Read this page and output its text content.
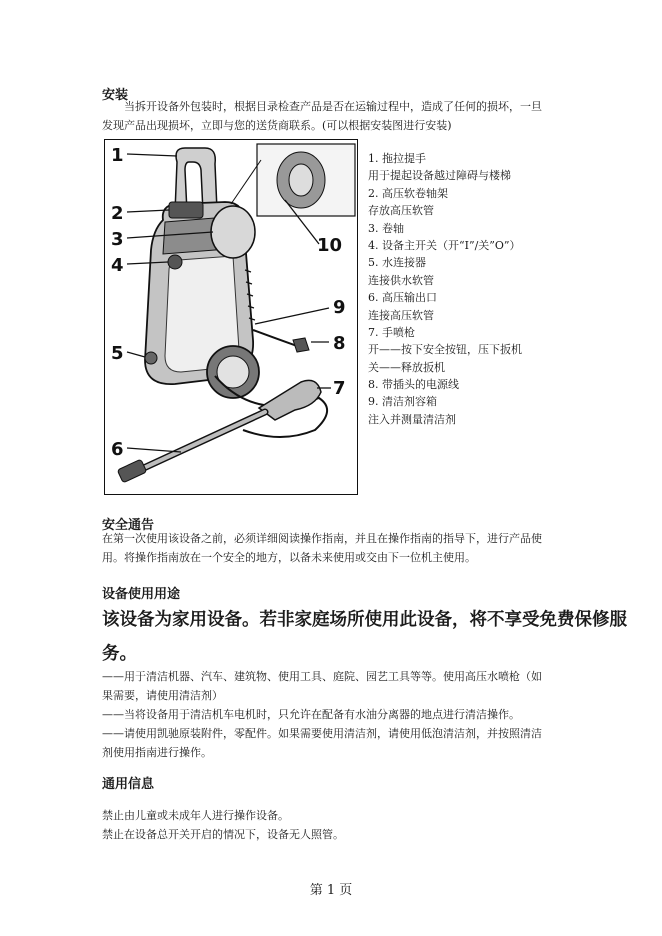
安装
当拆开设备外包装时，根据目录检查产品是否在运输过程中，造成了任何的损坏，一旦
发现产品出现损坏，立即与您的送货商联系。(可以根据安装图进行安装)
1
2
3
4
5
6
7
8
9
10
1. 拖拉提手
用于提起设备越过障碍与楼梯
2. 高压软卷轴架
存放高压软管
3. 卷轴
4. 设备主开关（开“I”/关”O”）
5. 水连接器
连接供水软管
6. 高压输出口
连接高压软管
7. 手喷枪
开——按下安全按钮，压下扳机
关——释放扳机
8. 带插头的电源线
9. 清洁剂容箱
注入并测量清洁剂
安全通告
在第一次使用该设备之前，必须详细阅读操作指南，并且在操作指南的指导下，进行产品使
用。将操作指南放在一个安全的地方，以备未来使用或交由下一位机主使用。
设备使用用途
该设备为家用设备。若非家庭场所使用此设备，将不享受免费保修服
务。
——用于清洁机器、汽车、建筑物、使用工具、庭院、园艺工具等等。使用高压水喷枪（如
果需要，请使用清洁剂）
——当将设备用于清洁机车电机时，只允许在配备有水油分离器的地点进行清洁操作。
——请使用凯驰原装附件，零配件。如果需要使用清洁剂，请使用低泡清洁剂，并按照清洁
剂使用指南进行操作。
通用信息
禁止由儿童或未成年人进行操作设备。
禁止在设备总开关开启的情况下，设备无人照管。
第 1 页
